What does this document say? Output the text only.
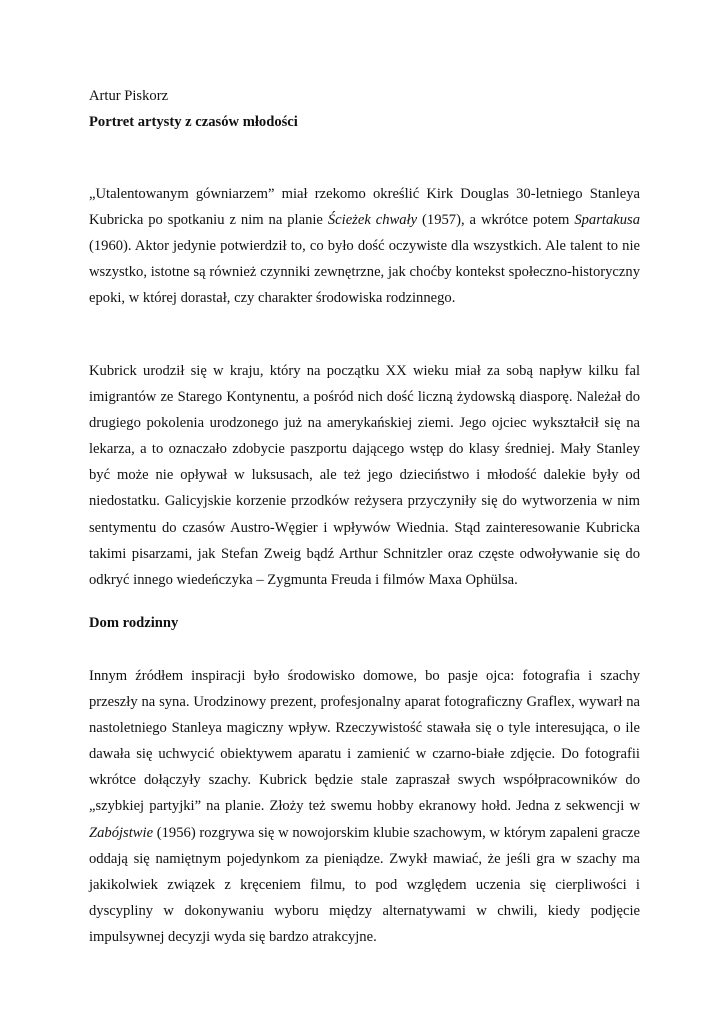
Artur Piskorz

Portret artysty z czasów młodości

„Utalentowanym gówniarzem” miał rzekomo określić Kirk Douglas 30-letniego Stanleya Kubricka po spotkaniu z nim na planie Ścieżek chwały (1957), a wkrótce potem Spartakusa (1960). Aktor jedynie potwierdził to, co było dość oczywiste dla wszystkich. Ale talent to nie wszystko, istotne są również czynniki zewnętrzne, jak choćby kontekst społeczno-historyczny epoki, w której dorastał, czy charakter środowiska rodzinnego.

Kubrick urodził się w kraju, który na początku XX wieku miał za sobą napływ kilku fal imigrantów ze Starego Kontynentu, a pośród nich dość liczną żydowską diasporę. Należał do drugiego pokolenia urodzonego już na amerykańskiej ziemi. Jego ojciec wykształcił się na lekarza, a to oznaczało zdobycie paszportu dającego wstęp do klasy średniej. Mały Stanley być może nie opływał w luksusach, ale też jego dzieciństwo i młodość dalekie były od niedostatku. Galicyjskie korzenie przodków reżysera przyczyniły się do wytworzenia w nim sentymentu do czasów Austro-Węgier i wpływów Wiednia. Stąd zainteresowanie Kubricka takimi pisarzami, jak Stefan Zweig bądź Arthur Schnitzler oraz częste odwoływanie się do odkryć innego wiedeńczyka – Zygmunta Freuda i filmów Maxa Ophülsa.

Dom rodzinny

Innym źródłem inspiracji było środowisko domowe, bo pasje ojca: fotografia i szachy przeszły na syna. Urodzinowy prezent, profesjonalny aparat fotograficzny Graflex, wywarł na nastoletniego Stanleya magiczny wpływ. Rzeczywistość stawała się o tyle interesująca, o ile dawała się uchwycić obiektywem aparatu i zamienić w czarno-białe zdjęcie. Do fotografii wkrótce dołączyły szachy. Kubrick będzie stale zapraszał swych współpracowników do „szybkiej partyjki” na planie. Złoży też swemu hobby ekranowy hołd. Jedna z sekwencji w Zabójstwie (1956) rozgrywa się w nowojorskim klubie szachowym, w którym zapaleni gracze oddają się namiętnym pojedynkom za pieniądze. Zwykł mawiać, że jeśli gra w szachy ma jakikolwiek związek z kręceniem filmu, to pod względem uczenia się cierpliwości i dyscypliny w dokonywaniu wyboru między alternatywami w chwili, kiedy podjęcie impulsywnej decyzji wyda się bardzo atrakcyjne.
